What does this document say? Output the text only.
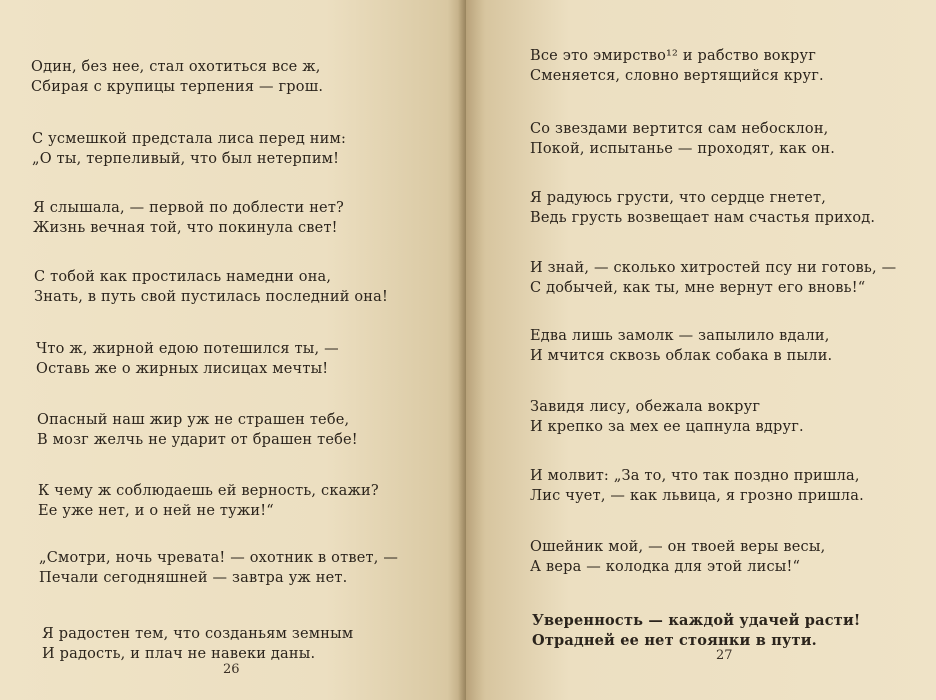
Один, без нее, стал охотиться все ж,
Сбирая с крупицы терпения — грош.

С усмешкой предстала лиса перед ним:
„О ты, терпеливый, что был нетерпим!

Я слышала, — первой по доблести нет?
Жизнь вечная той, что покинула свет!

С тобой как простилась намедни она,
Знать, в путь свой пустилась последний она!

Что ж, жирной едою потешился ты, —
Оставь же о жирных лисицах мечты!

Опасный наш жир уж не страшен тебе,
В мозг желчь не ударит от брашен тебе!

К чему ж соблюдаешь ей верность, скажи?
Ее уже нет, и о ней не тужи!“

„Смотри, ночь чревата! — охотник в ответ, —
Печали сегодняшней — завтра уж нет.

Я радостен тем, что созданьям земным
И радость, и плач не навеки даны.

26

Все это эмирство¹² и рабство вокруг
Сменяется, словно вертящийся круг.

Со звездами вертится сам небосклон,
Покой, испытанье — проходят, как он.

Я радуюсь грусти, что сердце гнетет,
Ведь грусть возвещает нам счастья приход.

И знай, — сколько хитростей псу ни готовь, —
С добычей, как ты, мне вернут его вновь!“

Едва лишь замолк — запылило вдали,
И мчится сквозь облак собака в пыли.

Завидя лису, обежала вокруг
И крепко за мех ее цапнула вдруг.

И молвит: „За то, что так поздно пришла,
Лис чует, — как львица, я грозно пришла.

Ошейник мой, — он твоей веры весы,
А вера — колодка для этой лисы!“

Уверенность — каждой удачей расти!
Отрадней ее нет стоянки в пути.

27
